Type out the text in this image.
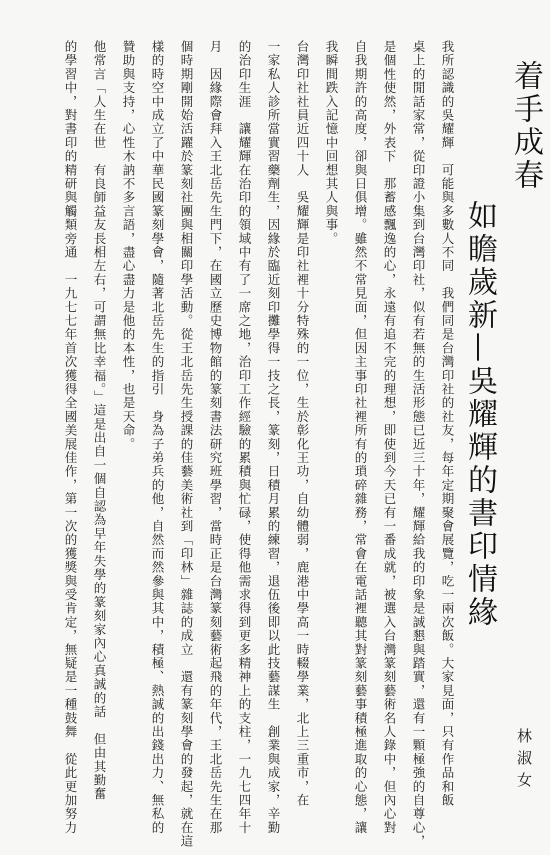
着手成春
如瞻歲新—吳耀輝的書印情緣
林淑女
我所認識的吳耀輝　可能與多數人不同　我們同是台灣印社的社友，每年定期聚會展覽，吃一兩次飯。大家見面，只有作品和飯
桌上的閒話家常，從印證小集到台灣印社，似有若無的生活形態已近三十年，耀輝給我的印象是誠懇與踏實，還有一顆極強的自尊心，
是個性使然，外表下　那蓄感飄逸的心，永遠有追不完的理想，即使到今天已有一番成就，被選入台灣篆刻藝術名人錄中，但內心對
自我期許的高度，卻與日俱增。雖然不常見面，但因主事印社裡所有的瑣碎雜務，常會在電話裡聽其對篆刻藝事積極進取的心態，讓
我瞬間跌入記憶中回想其人與事。
台灣印社社員近四十人　吳耀輝是印社裡十分特殊的一位，生於彰化王功，自幼體弱，鹿港中學高一時輟學業，北上三重市，在
一家私人診所當實習藥劑生，因緣於臨近刻印攤學得一技之長，篆刻，日積月累的練習，退伍後即以此技藝謀生　創業與成家，辛勤
的治印生涯　讓耀輝在治印的領域中有了一席之地，治印工作經驗的累積與忙碌，使得他需求得到更多精神上的支柱，一九七四年十
月　因緣際會拜入王北岳先生門下，在國立歷史博物館的篆刻書法研究班學習，當時正是台灣篆刻藝術起飛的年代，王北岳先生在那
個時期剛開始活躍於篆刻社團與相關印學活動。從王北岳先生授課的佳藝美術社到「印林」雜誌的成立　還有篆刻學會的發起，就在這
樣的時空中成立了中華民國篆刻學會，隨著北岳先生的指引　身為子弟兵的他，自然而然參與其中，積極、熱誠的出錢出力、無私的
贊助與支持，心性木訥不多言語，盡心盡力是他的本性，也是天命。
他常言「人生在世　有良師益友長相左右，可謂無比幸福。」這是出自一個自認為早年失學的篆刻家內心真誠的話　但由其勤奮
的學習中，對書印的精研與觸類旁通　一九七七年首次獲得全國美展佳作，第一次的獲獎與受肯定，無疑是一種鼓舞　從此更加努力
